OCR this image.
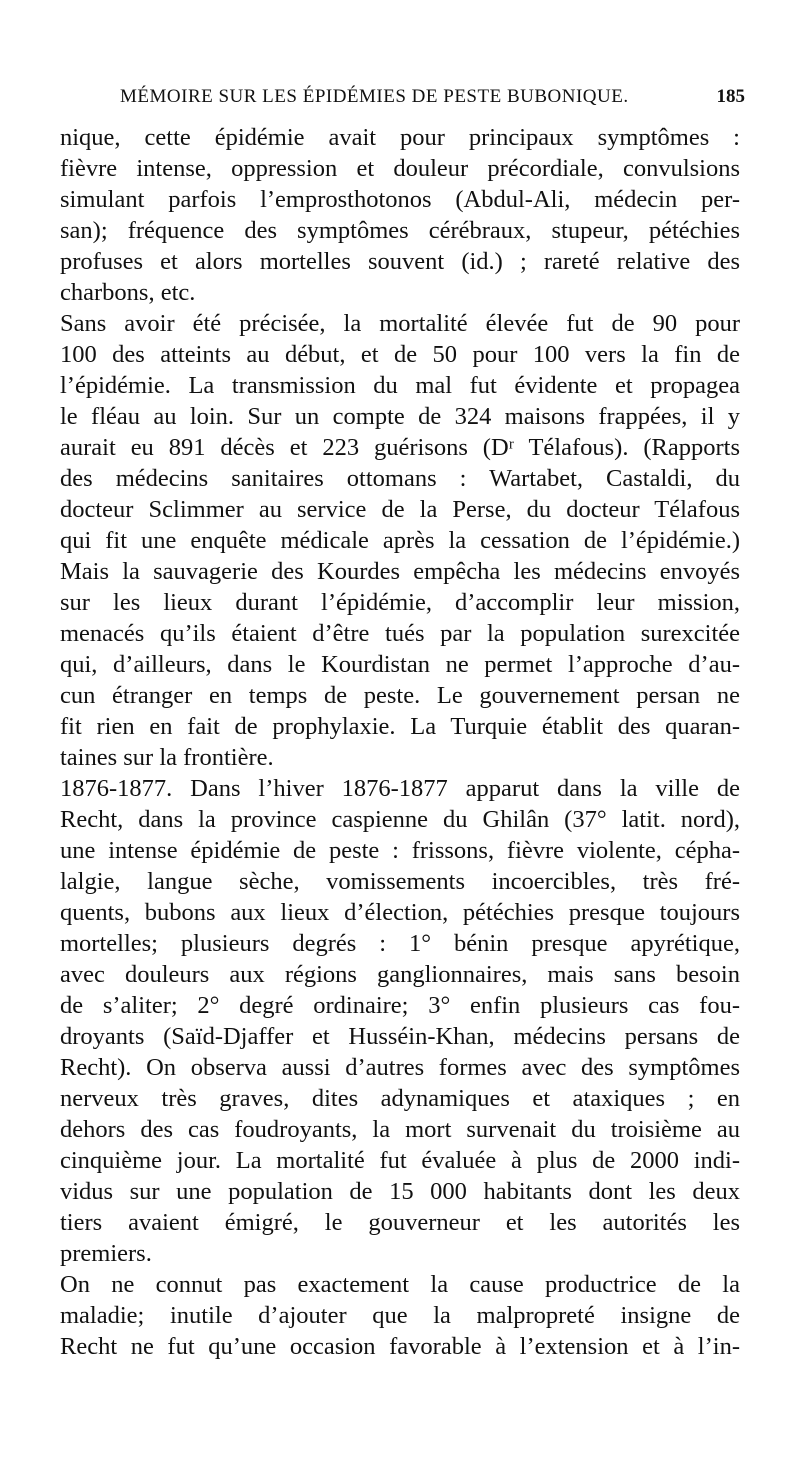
MÉMOIRE SUR LES ÉPIDÉMIES DE PESTE BUBONIQUE.	185
nique, cette épidémie avait pour principaux symptômes :
fièvre intense, oppression et douleur précordiale, convulsions
simulant parfois l’emprosthotonos (Abdul-Ali, médecin per-
san); fréquence des symptômes cérébraux, stupeur, pétéchies
profuses et alors mortelles souvent (id.) ; rareté relative des
charbons, etc.
Sans avoir été précisée, la mortalité élevée fut de 90 pour
100 des atteints au début, et de 50 pour 100 vers la fin de
l’épidémie. La transmission du mal fut évidente et propagea
le fléau au loin. Sur un compte de 324 maisons frappées, il y
aurait eu 891 décès et 223 guérisons (Dʳ Télafous). (Rapports
des médecins sanitaires ottomans : Wartabet, Castaldi, du
docteur Sclimmer au service de la Perse, du docteur Télafous
qui fit une enquête médicale après la cessation de l’épidémie.)
Mais la sauvagerie des Kourdes empêcha les médecins envoyés
sur les lieux durant l’épidémie, d’accomplir leur mission,
menacés qu’ils étaient d’être tués par la population surexcitée
qui, d’ailleurs, dans le Kourdistan ne permet l’approche d’au-
cun étranger en temps de peste. Le gouvernement persan ne
fit rien en fait de prophylaxie. La Turquie établit des quaran-
taines sur la frontière.
1876-1877. Dans l’hiver 1876-1877 apparut dans la ville de
Recht, dans la province caspienne du Ghilân (37° latit. nord),
une intense épidémie de peste : frissons, fièvre violente, cépha-
lalgie, langue sèche, vomissements incoercibles, très fré-
quents, bubons aux lieux d’élection, pétéchies presque toujours
mortelles; plusieurs degrés : 1° bénin presque apyrétique,
avec douleurs aux régions ganglionnaires, mais sans besoin
de s’aliter; 2° degré ordinaire; 3° enfin plusieurs cas fou-
droyants (Saïd-Djaffer et Husséin-Khan, médecins persans de
Recht). On observa aussi d’autres formes avec des symptômes
nerveux très graves, dites adynamiques et ataxiques ; en
dehors des cas foudroyants, la mort survenait du troisième au
cinquième jour. La mortalité fut évaluée à plus de 2000 indi-
vidus sur une population de 15 000 habitants dont les deux
tiers avaient émigré, le gouverneur et les autorités les
premiers.
On ne connut pas exactement la cause productrice de la
maladie; inutile d’ajouter que la malpropreté insigne de
Recht ne fut qu’une occasion favorable à l’extension et à l’in-
